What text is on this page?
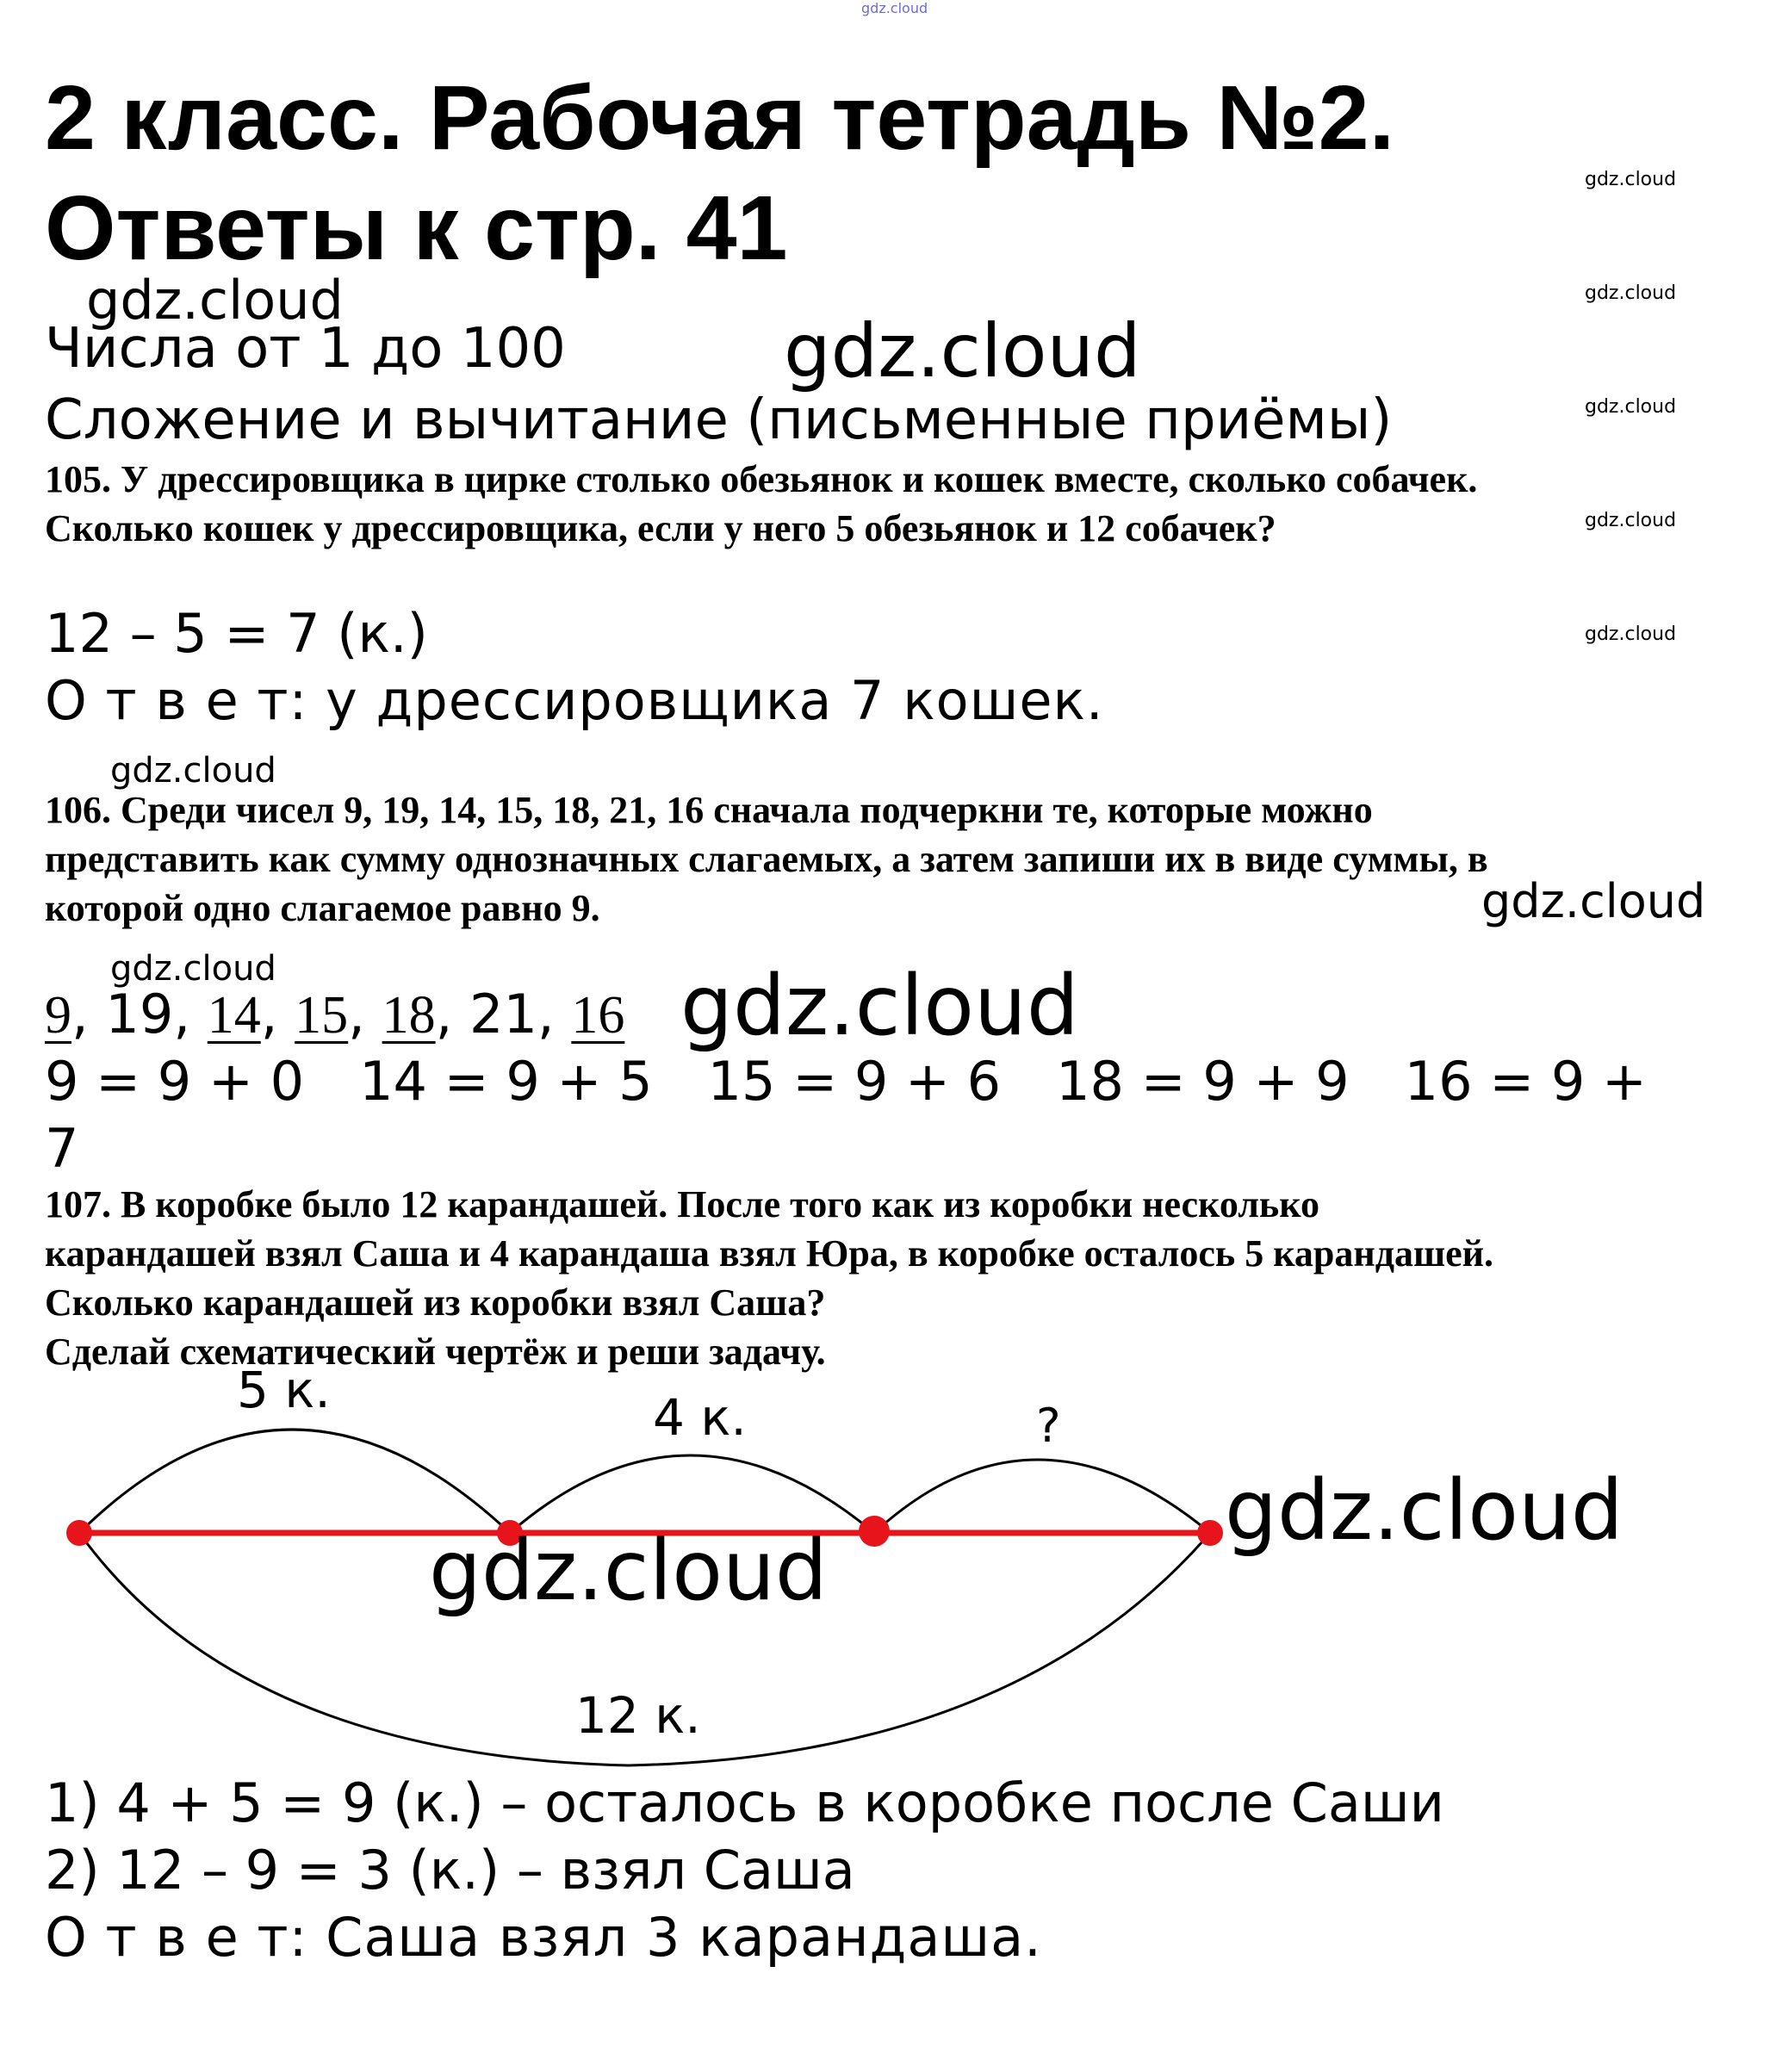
gdz.cloud
2 класс. Рабочая тетрадь №2.
Ответы к стр. 41
gdz.cloud
Числа от 1 до 100	gdz.cloud
Сложение и вычитание (письменные приёмы)
gdz.cloud
gdz.cloud
gdz.cloud
gdz.cloud
gdz.cloud
105. У дрессировщика в цирке столько обезьянок и кошек вместе, сколько собачек.
Сколько кошек у дрессировщика, если у него 5 обезьянок и 12 собачек?
12 – 5 = 7 (к.)
О т в е т: у дрессировщика 7 кошек.
gdz.cloud
106. Среди чисел 9, 19, 14, 15, 18, 21, 16 сначала подчеркни те, которые можно
представить как сумму однозначных слагаемых, а затем запиши их в виде суммы, в
которой одно слагаемое равно 9.	gdz.cloud
gdz.cloud
9, 19, 14, 15, 18, 21, 16 gdz.cloud
9 = 9 + 0 14 = 9 + 5 15 = 9 + 6 18 = 9 + 9 16 = 9 +
7
107. В коробке было 12 карандашей. После того как из коробки несколько
карандашей взял Саша и 4 карандаша взял Юра, в коробке осталось 5 карандашей.
Сколько карандашей из коробки взял Саша?
Сделай схематический чертёж и реши задачу.
5 к.	4 к.	?
12 к.
gdz.cloud
gdz.cloud
1) 4 + 5 = 9 (к.) – осталось в коробке после Саши
2) 12 – 9 = 3 (к.) – взял Саша
О т в е т: Саша взял 3 карандаша.
